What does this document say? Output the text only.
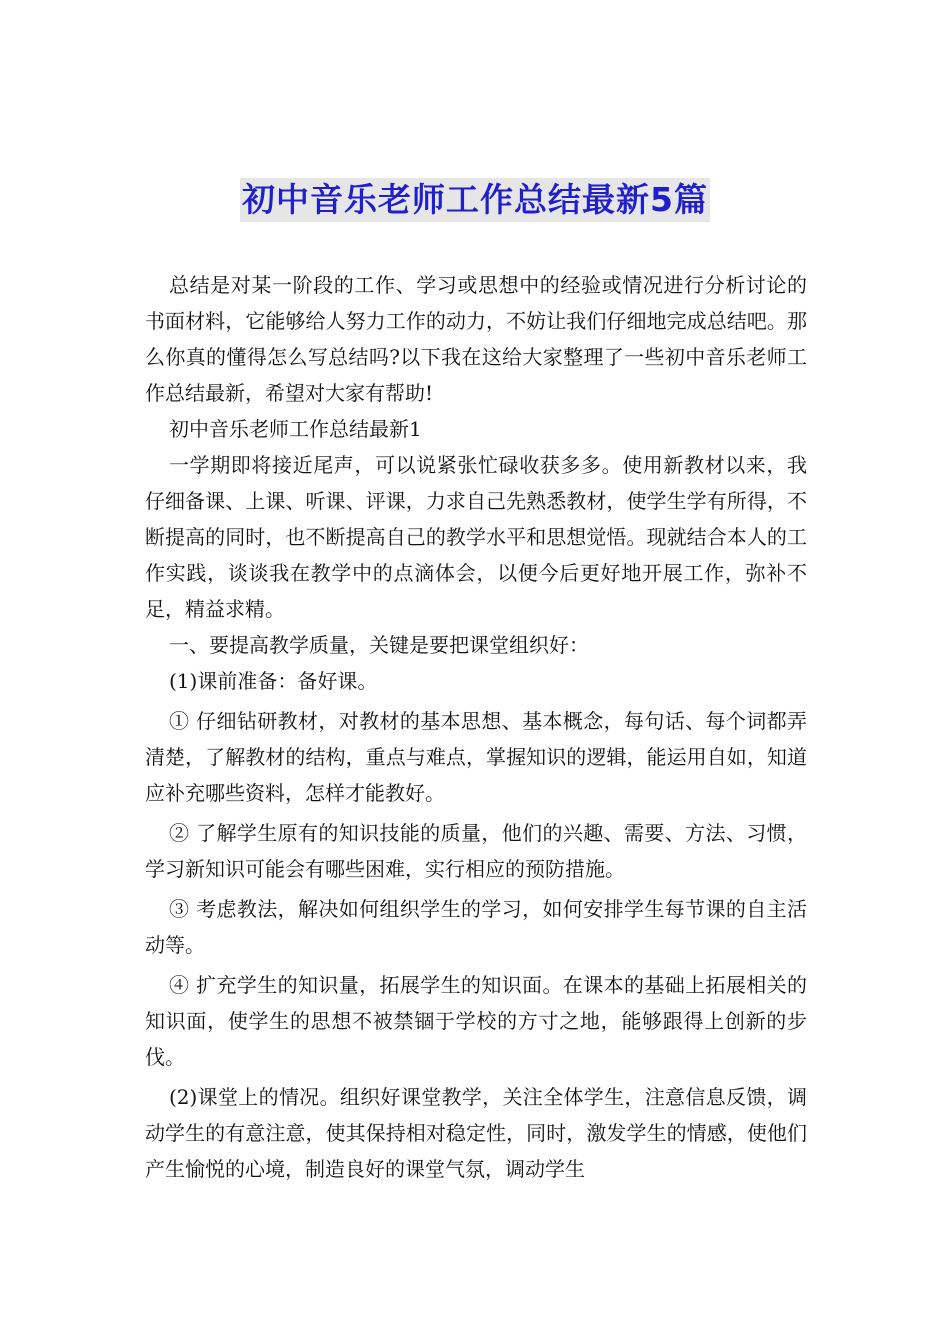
初中音乐老师工作总结最新5篇

总结是对某一阶段的工作、学习或思想中的经验或情况进行分析讨论的书面材料，它能够给人努力工作的动力，不妨让我们仔细地完成总结吧。那么你真的懂得怎么写总结吗?以下我在这给大家整理了一些初中音乐老师工作总结最新，希望对大家有帮助!

初中音乐老师工作总结最新1

一学期即将接近尾声，可以说紧张忙碌收获多多。使用新教材以来，我仔细备课、上课、听课、评课，力求自己先熟悉教材，使学生学有所得，不断提高的同时，也不断提高自己的教学水平和思想觉悟。现就结合本人的工作实践，谈谈我在教学中的点滴体会，以便今后更好地开展工作，弥补不足，精益求精。

一、要提高教学质量，关键是要把课堂组织好：

(1)课前准备：备好课。

① 仔细钻研教材，对教材的基本思想、基本概念，每句话、每个词都弄清楚，了解教材的结构，重点与难点，掌握知识的逻辑，能运用自如，知道应补充哪些资料，怎样才能教好。

② 了解学生原有的知识技能的质量，他们的兴趣、需要、方法、习惯，学习新知识可能会有哪些困难，实行相应的预防措施。

③ 考虑教法，解决如何组织学生的学习，如何安排学生每节课的自主活动等。

④ 扩充学生的知识量，拓展学生的知识面。在课本的基础上拓展相关的知识面，使学生的思想不被禁锢于学校的方寸之地，能够跟得上创新的步伐。

(2)课堂上的情况。组织好课堂教学，关注全体学生，注意信息反馈，调动学生的有意注意，使其保持相对稳定性，同时，激发学生的情感，使他们产生愉悦的心境，制造良好的课堂气氛，调动学生
